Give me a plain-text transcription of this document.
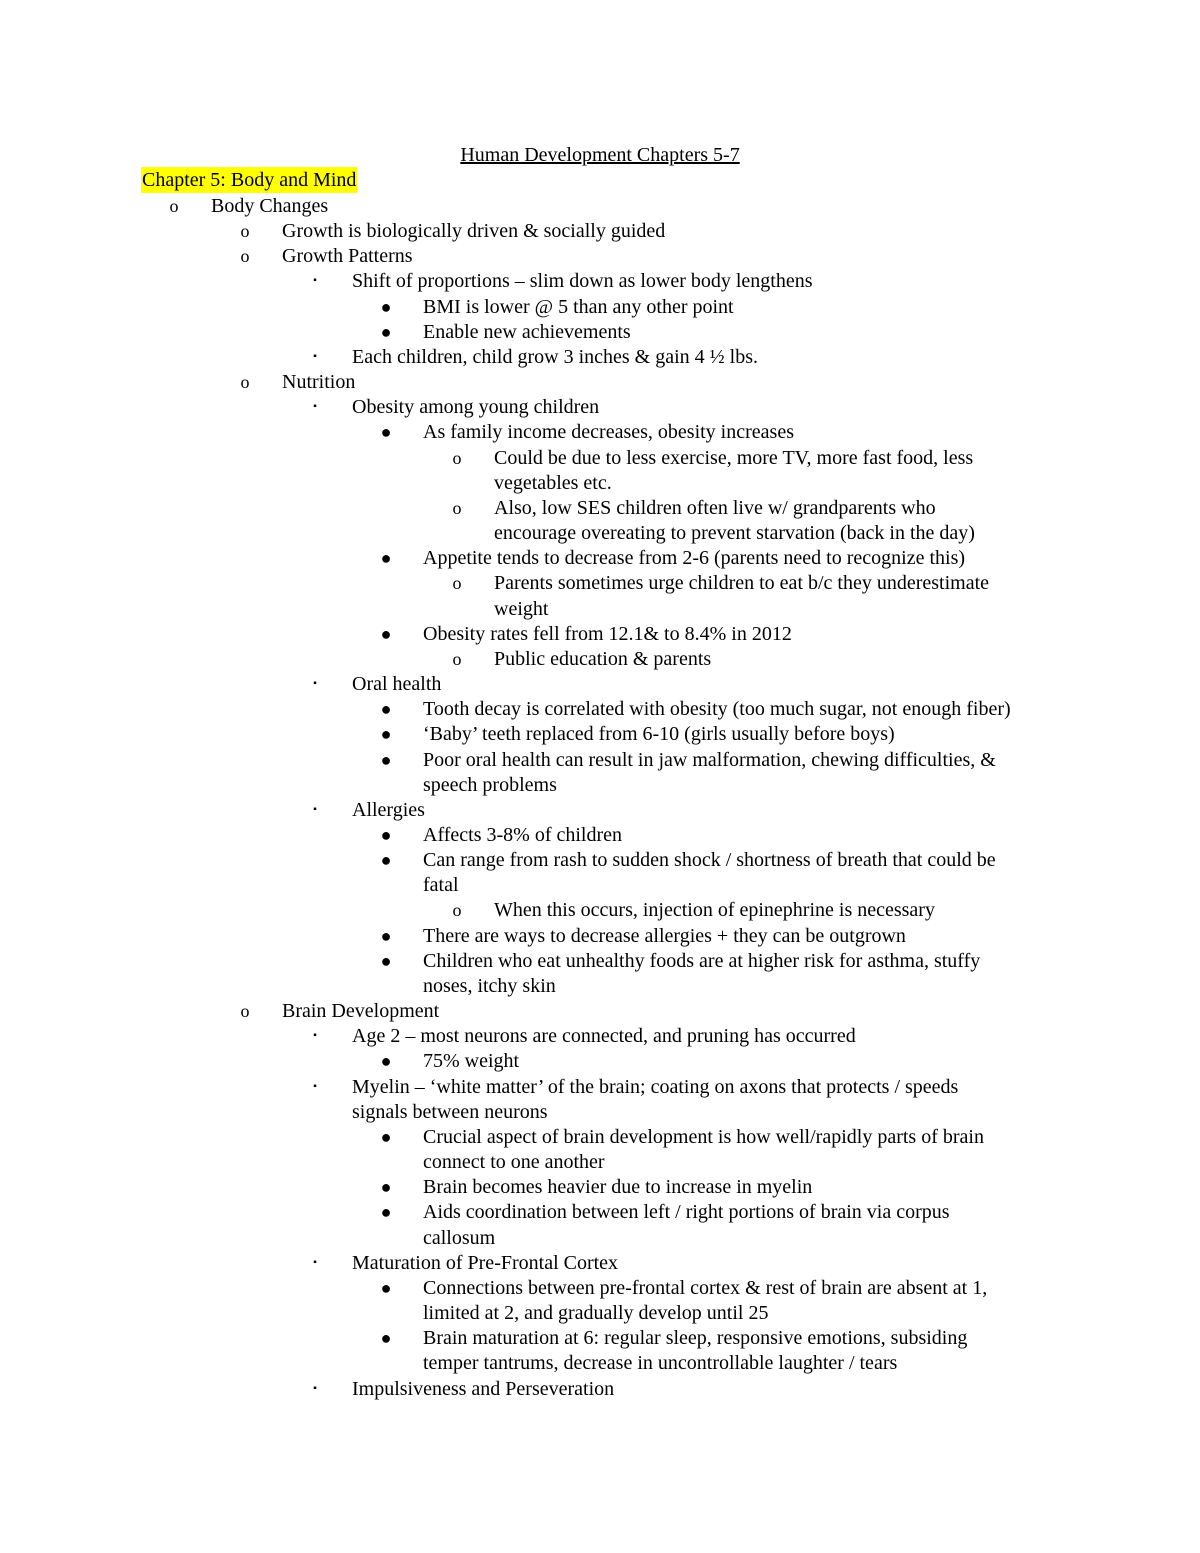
Human Development Chapters 5-7
Chapter 5: Body and Mind
o Body Changes
o Growth is biologically driven & socially guided
o Growth Patterns
▪	Shift of proportions – slim down as lower body lengthens
● BMI is lower @ 5 than any other point
● Enable new achievements
▪	Each children, child grow 3 inches & gain 4 ½ lbs.
o Nutrition
▪	Obesity among young children
● As family income decreases, obesity increases
o Could be due to less exercise, more TV, more fast food, less
vegetables etc.
o Also, low SES children often live w/ grandparents who
encourage overeating to prevent starvation (back in the day)
● Appetite tends to decrease from 2-6 (parents need to recognize this)
o Parents sometimes urge children to eat b/c they underestimate
weight
● Obesity rates fell from 12.1& to 8.4% in 2012
o Public education & parents
▪	Oral health
● Tooth decay is correlated with obesity (too much sugar, not enough fiber)
● ‘Baby’ teeth replaced from 6-10 (girls usually before boys)
● Poor oral health can result in jaw malformation, chewing difficulties, &
speech problems
▪	Allergies
● Affects 3-8% of children
● Can range from rash to sudden shock / shortness of breath that could be
fatal
o When this occurs, injection of epinephrine is necessary
● There are ways to decrease allergies + they can be outgrown
● Children who eat unhealthy foods are at higher risk for asthma, stuffy
noses, itchy skin
o Brain Development
▪	Age 2 – most neurons are connected, and pruning has occurred
● 75% weight
▪	Myelin – ‘white matter’ of the brain; coating on axons that protects / speeds
signals between neurons
● Crucial aspect of brain development is how well/rapidly parts of brain
connect to one another
● Brain becomes heavier due to increase in myelin
● Aids coordination between left / right portions of brain via corpus
callosum
▪	Maturation of Pre-Frontal Cortex
● Connections between pre-frontal cortex & rest of brain are absent at 1,
limited at 2, and gradually develop until 25
● Brain maturation at 6: regular sleep, responsive emotions, subsiding
temper tantrums, decrease in uncontrollable laughter / tears
▪	Impulsiveness and Perseveration
